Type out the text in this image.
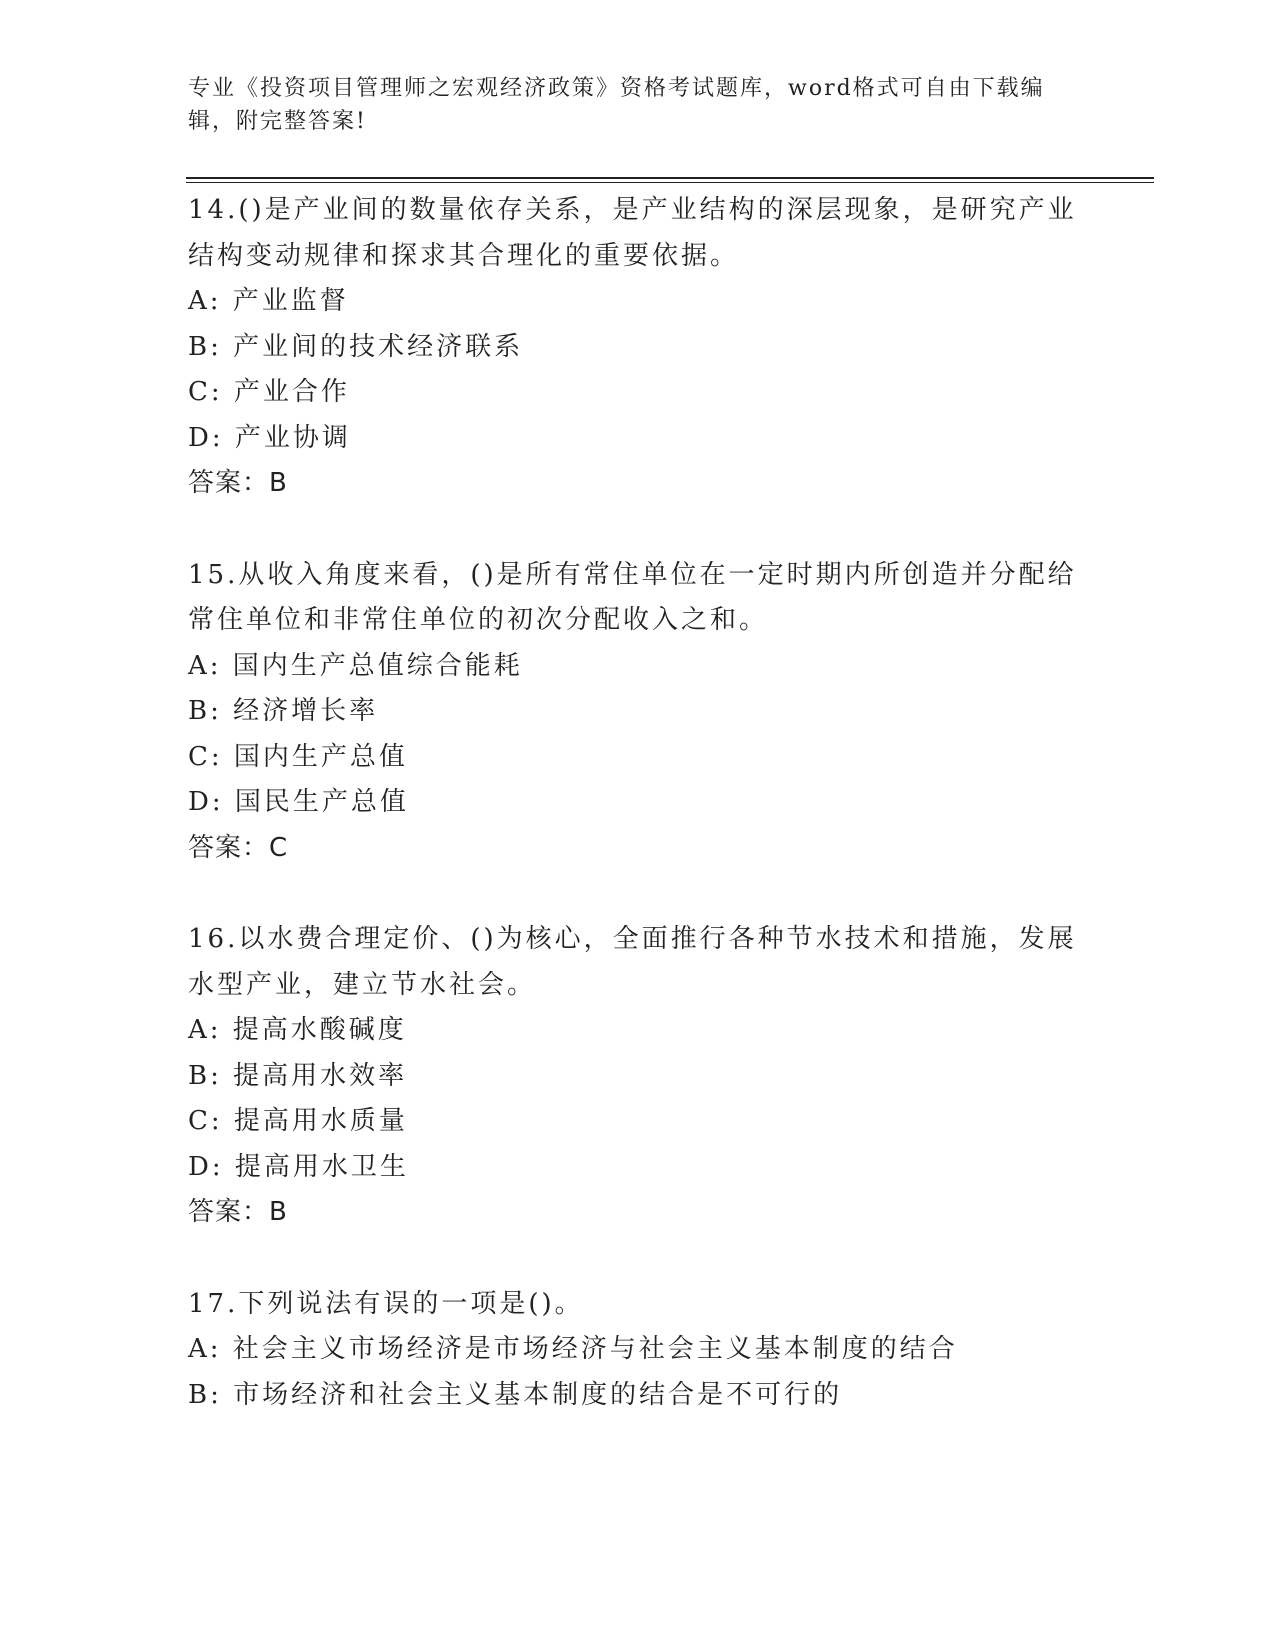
专业《投资项目管理师之宏观经济政策》资格考试题库，word格式可自由下载编辑，附完整答案!

14.()是产业间的数量依存关系，是产业结构的深层现象，是研究产业结构变动规律和探求其合理化的重要依据。

A: 产业监督

B: 产业间的技术经济联系

C: 产业合作

D: 产业协调

答案：B

15.从收入角度来看，()是所有常住单位在一定时期内所创造并分配给常住单位和非常住单位的初次分配收入之和。

A: 国内生产总值综合能耗

B: 经济增长率

C: 国内生产总值

D: 国民生产总值

答案：C

16.以水费合理定价、()为核心，全面推行各种节水技术和措施，发展水型产业，建立节水社会。

A: 提高水酸碱度

B: 提高用水效率

C: 提高用水质量

D: 提高用水卫生

答案：B

17.下列说法有误的一项是()。

A: 社会主义市场经济是市场经济与社会主义基本制度的结合

B: 市场经济和社会主义基本制度的结合是不可行的
